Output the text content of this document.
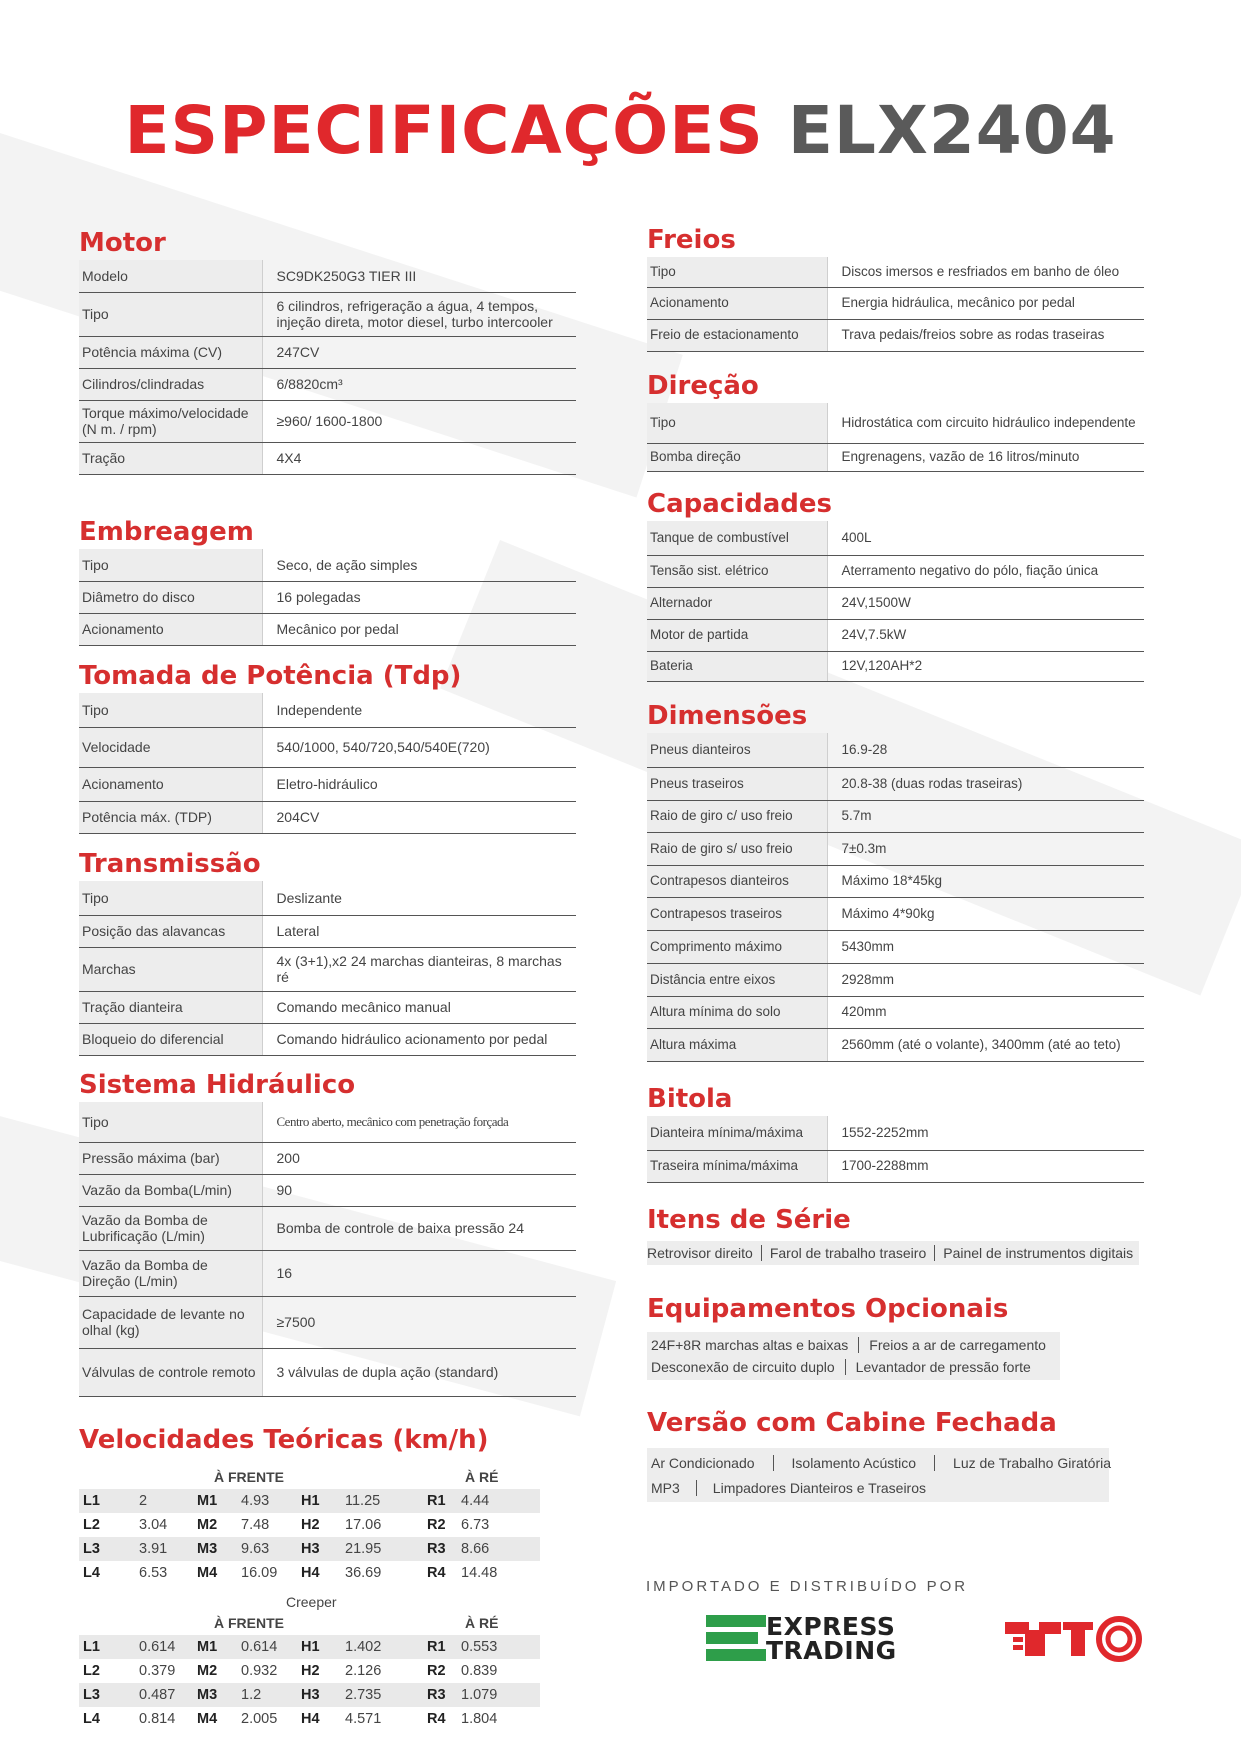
ESPECIFICAÇÕES ELX2404
Motor
Modelo	SC9DK250G3 TIER III
Tipo	6 cilindros, refrigeração a água, 4 tempos, injeção direta, motor diesel, turbo intercooler
Potência máxima (CV)	247CV
Cilindros/clindradas	6/8820cm³
Torque máximo/velocidade (N m. / rpm)	≥960/ 1600-1800
Tração	4X4
Embreagem
Tipo	Seco, de ação simples
Diâmetro do disco	16 polegadas
Acionamento	Mecânico por pedal
Tomada de Potência (Tdp)
Tipo	Independente
Velocidade	540/1000, 540/720,540/540E(720)
Acionamento	Eletro-hidráulico
Potência máx. (TDP)	204CV
Transmissão
Tipo	Deslizante
Posição das alavancas	Lateral
Marchas	4x (3+1),x2 24 marchas dianteiras, 8 marchas ré
Tração dianteira	Comando mecânico manual
Bloqueio do diferencial	Comando hidráulico acionamento por pedal
Sistema Hidráulico
Tipo	Centro aberto, mecânico com penetração forçada
Pressão máxima (bar)	200
Vazão da Bomba(L/min)	90
Vazão da Bomba de Lubrificação (L/min)	Bomba de controle de baixa pressão 24
Vazão da Bomba de Direção (L/min)	16
Capacidade de levante no olhal (kg)	≥7500
Válvulas de controle remoto	3 válvulas de dupla ação (standard)
Velocidades Teóricas (km/h)
À FRENTE	À RÉ
L1	2	M1	4.93	H1	11.25	R1	4.44
L2	3.04	M2	7.48	H2	17.06	R2	6.73
L3	3.91	M3	9.63	H3	21.95	R3	8.66
L4	6.53	M4	16.09	H4	36.69	R4	14.48
Creeper
À FRENTE	À RÉ
L1	0.614	M1	0.614	H1	1.402	R1	0.553
L2	0.379	M2	0.932	H2	2.126	R2	0.839
L3	0.487	M3	1.2	H3	2.735	R3	1.079
L4	0.814	M4	2.005	H4	4.571	R4	1.804
Freios
Tipo	Discos imersos e resfriados em banho de óleo
Acionamento	Energia hidráulica, mecânico por pedal
Freio de estacionamento	Trava pedais/freios sobre as rodas traseiras
Direção
Tipo	Hidrostática com circuito hidráulico independente
Bomba direção	Engrenagens, vazão de 16 litros/minuto
Capacidades
Tanque de combustível	400L
Tensão sist. elétrico	Aterramento negativo do pólo, fiação única
Alternador	24V,1500W
Motor de partida	24V,7.5kW
Bateria	12V,120AH*2
Dimensões
Pneus dianteiros	16.9-28
Pneus traseiros	20.8-38 (duas rodas traseiras)
Raio de giro c/ uso freio	5.7m
Raio de giro s/ uso freio	7±0.3m
Contrapesos dianteiros	Máximo 18*45kg
Contrapesos traseiros	Máximo 4*90kg
Comprimento máximo	5430mm
Distância entre eixos	2928mm
Altura mínima do solo	420mm
Altura máxima	2560mm (até o volante), 3400mm (até ao teto)
Bitola
Dianteira mínima/máxima	1552-2252mm
Traseira mínima/máxima	1700-2288mm
Itens de Série
Retrovisor direito	Farol de trabalho traseiro	Painel de instrumentos digitais
Equipamentos Opcionais
24F+8R marchas altas e baixas	Freios a ar de carregamento
Desconexão de circuito duplo	Levantador de pressão forte
Versão com Cabine Fechada
Ar Condicionado	Isolamento Acústico	Luz de Trabalho Giratória
MP3	Limpadores Dianteiros e Traseiros
IMPORTADO E DISTRIBUÍDO POR
EXPRESS
TRADING
